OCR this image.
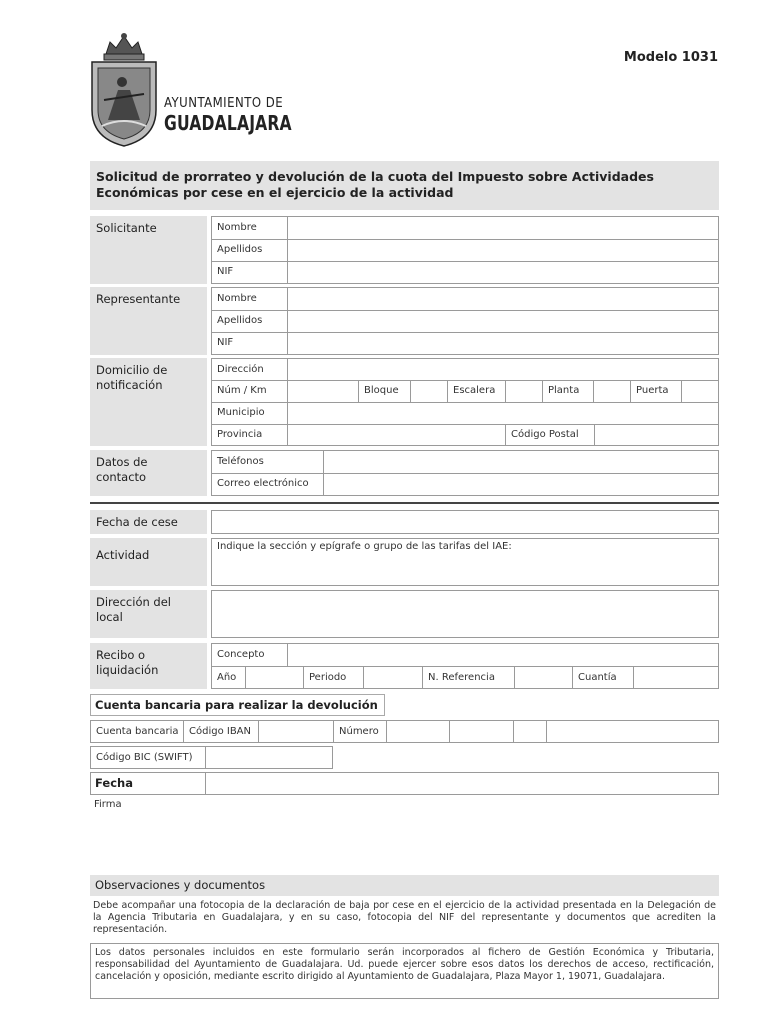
AYUNTAMIENTO DE
GUADALAJARA
Modelo 1031
Solicitud de prorrateo y devolución de la cuota del Impuesto sobre Actividades Económicas por cese en el ejercicio de la actividad
Solicitante	Nombre
Apellidos
NIF
Representante	Nombre
Apellidos
NIF
Domicilio de notificación
Dirección
Núm / Km	Bloque	Escalera	Planta	Puerta
Municipio
Provincia	Código Postal
Datos de contacto
Teléfonos
Correo electrónico
Fecha de cese
Actividad
Indique la sección y epígrafe o grupo de las tarifas del IAE:
Dirección del local
Recibo o liquidación
Concepto
Año	Periodo	N. Referencia	Cuantía
Cuenta bancaria para realizar la devolución
Cuenta bancaria	Código IBAN	Número
Código BIC (SWIFT)
Fecha
Firma
Observaciones y documentos
Debe acompañar una fotocopia de la declaración de baja por cese en el ejercicio de la actividad presentada en la Delegación de la Agencia Tributaria en Guadalajara, y en su caso, fotocopia del NIF del representante y documentos que acrediten la representación.
Los datos personales incluidos en este formulario serán incorporados al fichero de Gestión Económica y Tributaria, responsabilidad del Ayuntamiento de Guadalajara. Ud. puede ejercer sobre esos datos los derechos de acceso, rectificación, cancelación y oposición, mediante escrito dirigido al Ayuntamiento de Guadalajara, Plaza Mayor 1, 19071, Guadalajara.
